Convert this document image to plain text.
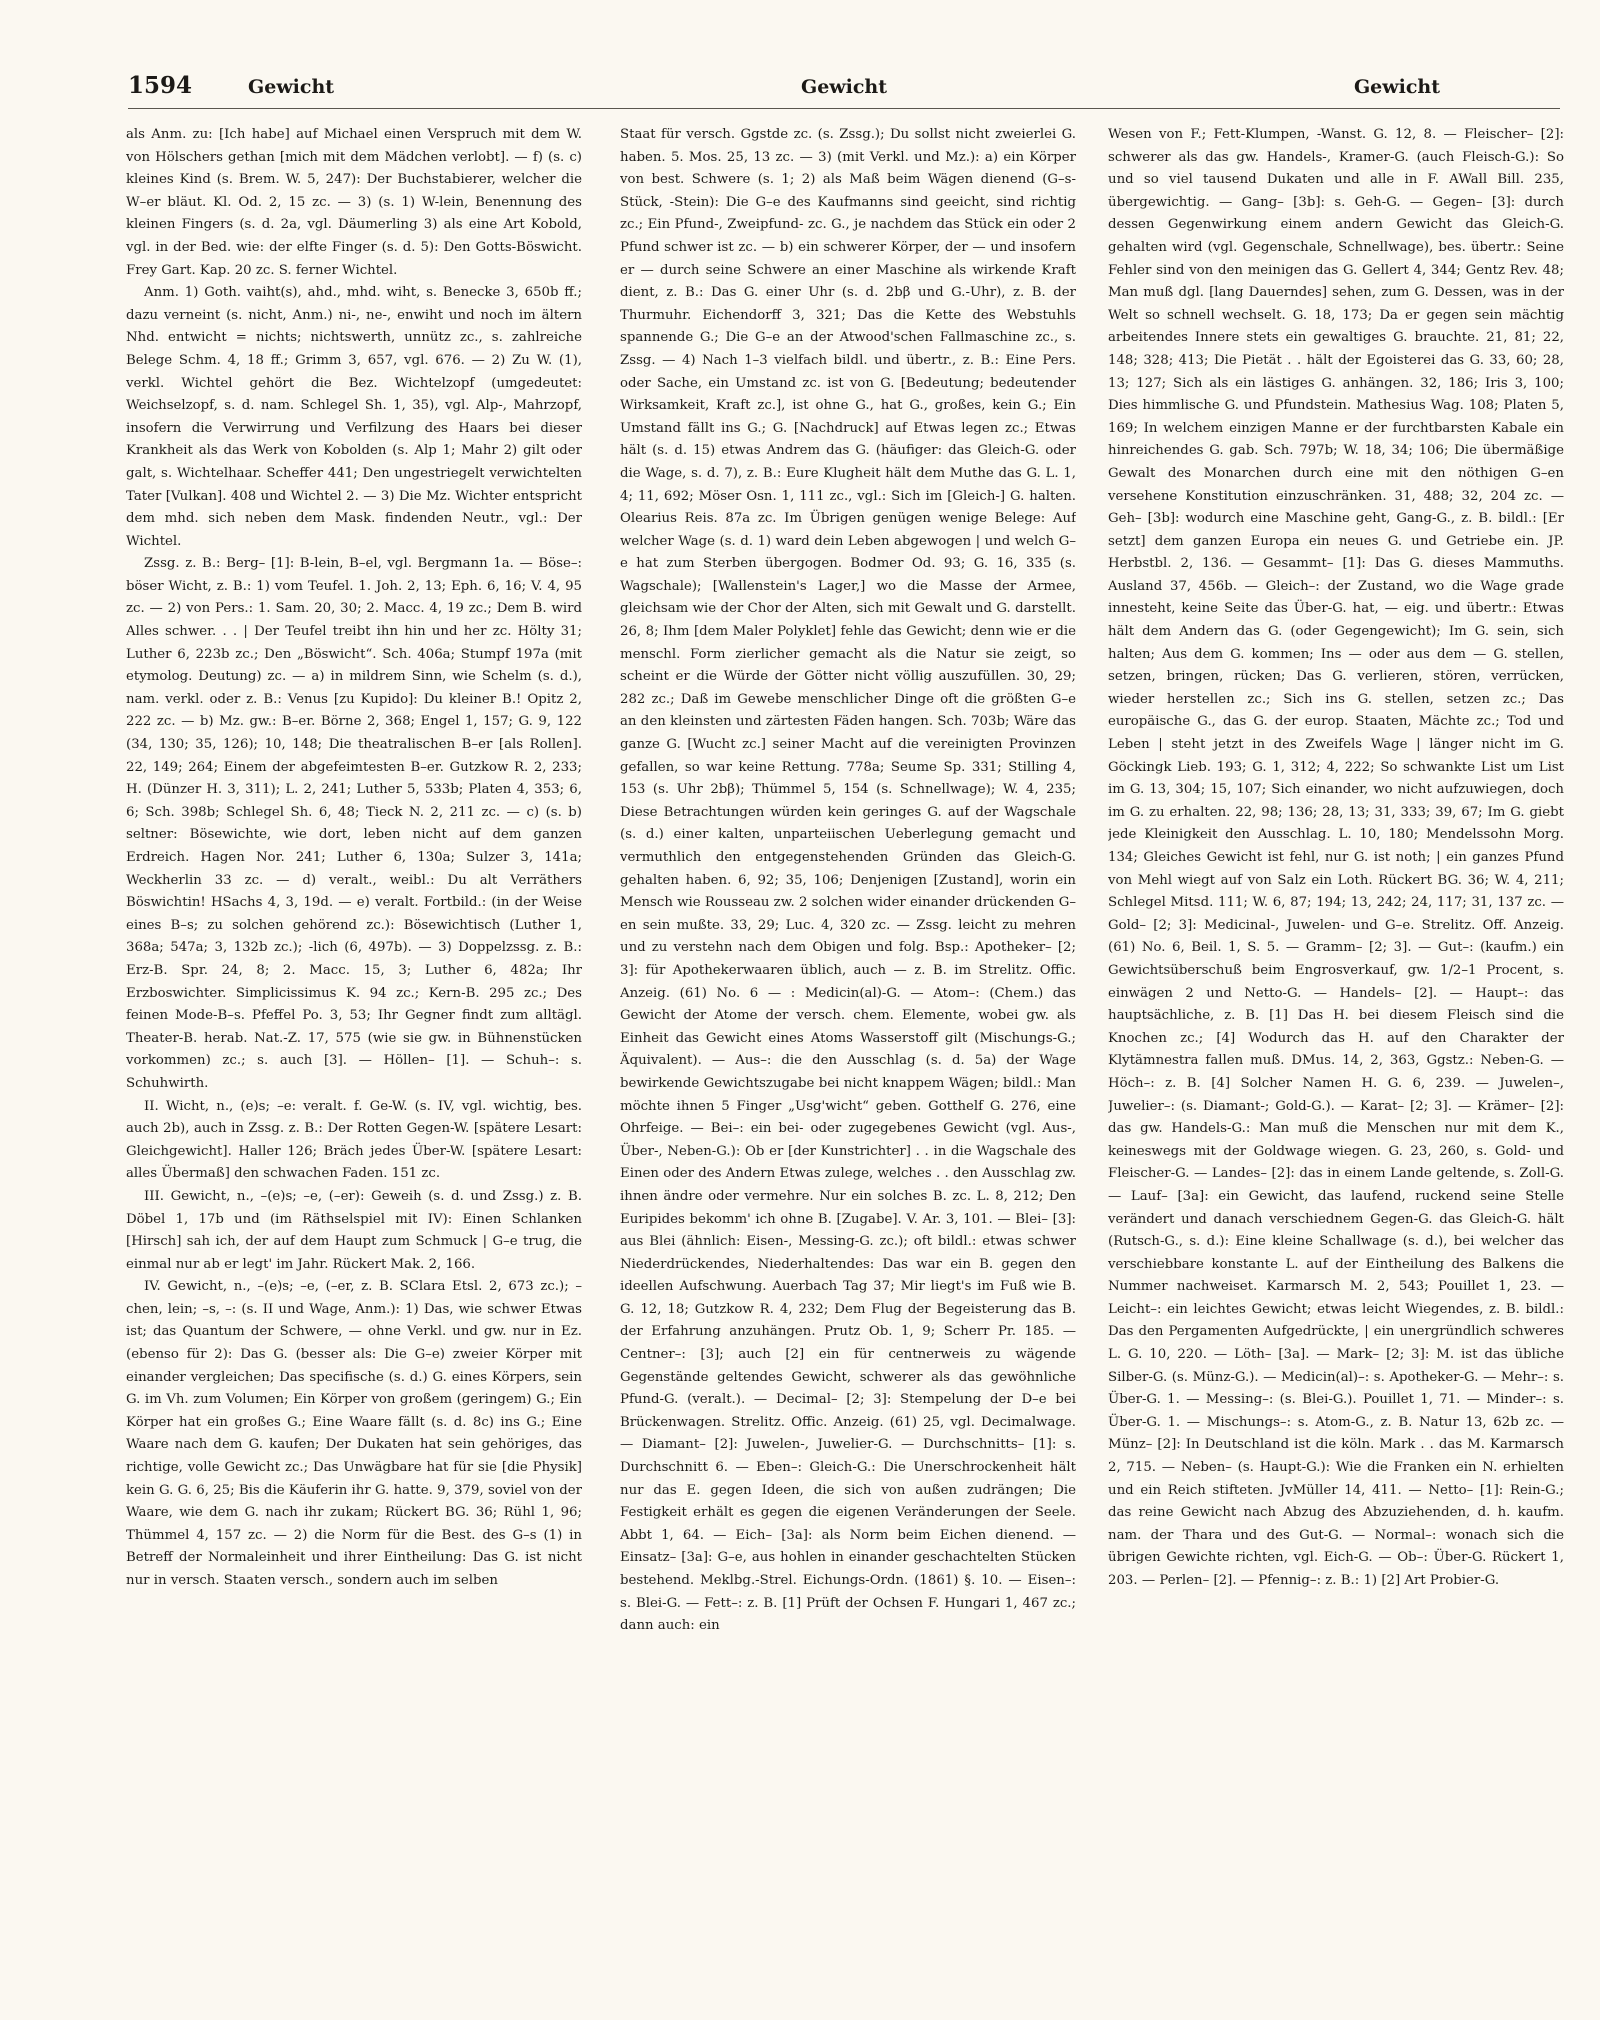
1594	Gewicht	Gewicht	Gewicht

als Anm. zu: [Ich habe] auf Michael einen Verspruch mit dem W. von Hölschers gethan [mich mit dem Mädchen verlobt]. — f) (s. c) kleines Kind (s. Brem. W. 5, 247): Der Buchstabierer, welcher die W–er bläut. Kl. Od. 2, 15 zc. — 3) (s. 1) W-lein, Benennung des kleinen Fingers (s. d. 2a, vgl. Däumerling 3) als eine Art Kobold, vgl. in der Bed. wie: der elfte Finger (s. d. 5): Den Gotts-Böswicht. Frey Gart. Kap. 20 zc. S. ferner Wichtel.

Anm. 1) Goth. vaiht(s), ahd., mhd. wiht, s. Benecke 3, 650b ff.; dazu verneint (s. nicht, Anm.) ni-, ne-, enwiht und noch im ältern Nhd. entwicht = nichts; nichtswerth, unnütz zc., s. zahlreiche Belege Schm. 4, 18 ff.; Grimm 3, 657, vgl. 676. — 2) Zu W. (1), verkl. Wichtel gehört die Bez. Wichtelzopf (umgedeutet: Weichselzopf, s. d. nam. Schlegel Sh. 1, 35), vgl. Alp-, Mahrzopf, insofern die Verwirrung und Verfilzung des Haars bei dieser Krankheit als das Werk von Kobolden (s. Alp 1; Mahr 2) gilt oder galt, s. Wichtelhaar. Scheffer 441; Den ungestriegelt verwichtelten Tater [Vulkan]. 408 und Wichtel 2. — 3) Die Mz. Wichter entspricht dem mhd. sich neben dem Mask. findenden Neutr., vgl.: Der Wichtel.

Zssg. z. B.: Berg– [1]: B-lein, B–el, vgl. Bergmann 1a. — Böse–: böser Wicht, z. B.: 1) vom Teufel. 1. Joh. 2, 13; Eph. 6, 16; V. 4, 95 zc. — 2) von Pers.: 1. Sam. 20, 30; 2. Macc. 4, 19 zc.; Dem B. wird Alles schwer. . . | Der Teufel treibt ihn hin und her zc. Hölty 31; Luther 6, 223b zc.; Den „Böswicht“. Sch. 406a; Stumpf 197a (mit etymolog. Deutung) zc. — a) in mildrem Sinn, wie Schelm (s. d.), nam. verkl. oder z. B.: Venus [zu Kupido]: Du kleiner B.! Opitz 2, 222 zc. — b) Mz. gw.: B–er. Börne 2, 368; Engel 1, 157; G. 9, 122 (34, 130; 35, 126); 10, 148; Die theatralischen B–er [als Rollen]. 22, 149; 264; Einem der abgefeimtesten B–er. Gutzkow R. 2, 233; H. (Dünzer H. 3, 311); L. 2, 241; Luther 5, 533b; Platen 4, 353; 6, 6; Sch. 398b; Schlegel Sh. 6, 48; Tieck N. 2, 211 zc. — c) (s. b) seltner: Bösewichte, wie dort, leben nicht auf dem ganzen Erdreich. Hagen Nor. 241; Luther 6, 130a; Sulzer 3, 141a; Weckherlin 33 zc. — d) veralt., weibl.: Du alt Verräthers Böswichtin! HSachs 4, 3, 19d. — e) veralt. Fortbild.: (in der Weise eines B–s; zu solchen gehörend zc.): Bösewichtisch (Luther 1, 368a; 547a; 3, 132b zc.); -lich (6, 497b). — 3) Doppelzssg. z. B.: Erz-B. Spr. 24, 8; 2. Macc. 15, 3; Luther 6, 482a; Ihr Erzboswichter. Simplicissimus K. 94 zc.; Kern-B. 295 zc.; Des feinen Mode-B–s. Pfeffel Po. 3, 53; Ihr Gegner findt zum alltägl. Theater-B. herab. Nat.-Z. 17, 575 (wie sie gw. in Bühnenstücken vorkommen) zc.; s. auch [3]. — Höllen– [1]. — Schuh–: s. Schuhwirth.

II. Wicht, n., (e)s; –e: veralt. f. Ge-W. (s. IV, vgl. wichtig, bes. auch 2b), auch in Zssg. z. B.: Der Rotten Gegen-W. [spätere Lesart: Gleichgewicht]. Haller 126; Bräch jedes Über-W. [spätere Lesart: alles Übermaß] den schwachen Faden. 151 zc.

III. Gewicht, n., –(e)s; –e, (–er): Geweih (s. d. und Zssg.) z. B. Döbel 1, 17b und (im Räthselspiel mit IV): Einen Schlanken [Hirsch] sah ich, der auf dem Haupt zum Schmuck | G–e trug, die einmal nur ab er legt' im Jahr. Rückert Mak. 2, 166.

IV. Gewicht, n., –(e)s; –e, (–er, z. B. SClara Etsl. 2, 673 zc.); –chen, lein; –s, –: (s. II und Wage, Anm.): 1) Das, wie schwer Etwas ist; das Quantum der Schwere, — ohne Verkl. und gw. nur in Ez. (ebenso für 2): Das G. (besser als: Die G–e) zweier Körper mit einander vergleichen; Das specifische (s. d.) G. eines Körpers, sein G. im Vh. zum Volumen; Ein Körper von großem (geringem) G.; Ein Körper hat ein großes G.; Eine Waare fällt (s. d. 8c) ins G.; Eine Waare nach dem G. kaufen; Der Dukaten hat sein gehöriges, das richtige, volle Gewicht zc.; Das Unwägbare hat für sie [die Physik] kein G. G. 6, 25; Bis die Käuferin ihr G. hatte. 9, 379, soviel von der Waare, wie dem G. nach ihr zukam; Rückert BG. 36; Rühl 1, 96; Thümmel 4, 157 zc. — 2) die Norm für die Best. des G–s (1) in Betreff der Normaleinheit und ihrer Eintheilung: Das G. ist nicht nur in versch. Staaten versch., sondern auch im selben

Staat für versch. Ggstde zc. (s. Zssg.); Du sollst nicht zweierlei G. haben. 5. Mos. 25, 13 zc. — 3) (mit Verkl. und Mz.): a) ein Körper von best. Schwere (s. 1; 2) als Maß beim Wägen dienend (G–s-Stück, -Stein): Die G–e des Kaufmanns sind geeicht, sind richtig zc.; Ein Pfund-, Zweipfund- zc. G., je nachdem das Stück ein oder 2 Pfund schwer ist zc. — b) ein schwerer Körper, der — und insofern er — durch seine Schwere an einer Maschine als wirkende Kraft dient, z. B.: Das G. einer Uhr (s. d. 2bβ und G.-Uhr), z. B. der Thurmuhr. Eichendorff 3, 321; Das die Kette des Webstuhls spannende G.; Die G–e an der Atwood'schen Fallmaschine zc., s. Zssg. — 4) Nach 1–3 vielfach bildl. und übertr., z. B.: Eine Pers. oder Sache, ein Umstand zc. ist von G. [Bedeutung; bedeutender Wirksamkeit, Kraft zc.], ist ohne G., hat G., großes, kein G.; Ein Umstand fällt ins G.; G. [Nachdruck] auf Etwas legen zc.; Etwas hält (s. d. 15) etwas Andrem das G. (häufiger: das Gleich-G. oder die Wage, s. d. 7), z. B.: Eure Klugheit hält dem Muthe das G. L. 1, 4; 11, 692; Möser Osn. 1, 111 zc., vgl.: Sich im [Gleich-] G. halten. Olearius Reis. 87a zc. Im Übrigen genügen wenige Belege: Auf welcher Wage (s. d. 1) ward dein Leben abgewogen | und welch G–e hat zum Sterben übergogen. Bodmer Od. 93; G. 16, 335 (s. Wagschale); [Wallenstein's Lager,] wo die Masse der Armee, gleichsam wie der Chor der Alten, sich mit Gewalt und G. darstellt. 26, 8; Ihm [dem Maler Polyklet] fehle das Gewicht; denn wie er die menschl. Form zierlicher gemacht als die Natur sie zeigt, so scheint er die Würde der Götter nicht völlig auszufüllen. 30, 29; 282 zc.; Daß im Gewebe menschlicher Dinge oft die größten G–e an den kleinsten und zärtesten Fäden hangen. Sch. 703b; Wäre das ganze G. [Wucht zc.] seiner Macht auf die vereinigten Provinzen gefallen, so war keine Rettung. 778a; Seume Sp. 331; Stilling 4, 153 (s. Uhr 2bβ); Thümmel 5, 154 (s. Schnellwage); W. 4, 235; Diese Betrachtungen würden kein geringes G. auf der Wagschale (s. d.) einer kalten, unparteiischen Ueberlegung gemacht und vermuthlich den entgegenstehenden Gründen das Gleich-G. gehalten haben. 6, 92; 35, 106; Denjenigen [Zustand], worin ein Mensch wie Rousseau zw. 2 solchen wider einander drückenden G–en sein mußte. 33, 29; Luc. 4, 320 zc. — Zssg. leicht zu mehren und zu verstehn nach dem Obigen und folg. Bsp.: Apotheker– [2; 3]: für Apothekerwaaren üblich, auch — z. B. im Strelitz. Offic. Anzeig. (61) No. 6 — : Medicin(al)-G. — Atom–: (Chem.) das Gewicht der Atome der versch. chem. Elemente, wobei gw. als Einheit das Gewicht eines Atoms Wasserstoff gilt (Mischungs-G.; Äquivalent). — Aus–: die den Ausschlag (s. d. 5a) der Wage bewirkende Gewichtszugabe bei nicht knappem Wägen; bildl.: Man möchte ihnen 5 Finger „Usg'wicht“ geben. Gotthelf G. 276, eine Ohrfeige. — Bei–: ein bei- oder zugegebenes Gewicht (vgl. Aus-, Über-, Neben-G.): Ob er [der Kunstrichter] . . in die Wagschale des Einen oder des Andern Etwas zulege, welches . . den Ausschlag zw. ihnen ändre oder vermehre. Nur ein solches B. zc. L. 8, 212; Den Euripides bekomm' ich ohne B. [Zugabe]. V. Ar. 3, 101. — Blei– [3]: aus Blei (ähnlich: Eisen-, Messing-G. zc.); oft bildl.: etwas schwer Niederdrückendes, Niederhaltendes: Das war ein B. gegen den ideellen Aufschwung. Auerbach Tag 37; Mir liegt's im Fuß wie B. G. 12, 18; Gutzkow R. 4, 232; Dem Flug der Begeisterung das B. der Erfahrung anzuhängen. Prutz Ob. 1, 9; Scherr Pr. 185. — Centner–: [3]; auch [2] ein für centnerweis zu wägende Gegenstände geltendes Gewicht, schwerer als das gewöhnliche Pfund-G. (veralt.). — Decimal– [2; 3]: Stempelung der D–e bei Brückenwagen. Strelitz. Offic. Anzeig. (61) 25, vgl. Decimalwage. — Diamant– [2]: Juwelen-, Juwelier-G. — Durchschnitts– [1]: s. Durchschnitt 6. — Eben–: Gleich-G.: Die Unerschrockenheit hält nur das E. gegen Ideen, die sich von außen zudrängen; Die Festigkeit erhält es gegen die eigenen Veränderungen der Seele. Abbt 1, 64. — Eich– [3a]: als Norm beim Eichen dienend. — Einsatz– [3a]: G–e, aus hohlen in einander geschachtelten Stücken bestehend. Meklbg.-Strel. Eichungs-Ordn. (1861) §. 10. — Eisen–: s. Blei-G. — Fett–: z. B. [1] Prüft der Ochsen F. Hungari 1, 467 zc.; dann auch: ein

Wesen von F.; Fett-Klumpen, -Wanst. G. 12, 8. — Fleischer– [2]: schwerer als das gw. Handels-, Kramer-G. (auch Fleisch-G.): So und so viel tausend Dukaten und alle in F. AWall Bill. 235, übergewichtig. — Gang– [3b]: s. Geh-G. — Gegen– [3]: durch dessen Gegenwirkung einem andern Gewicht das Gleich-G. gehalten wird (vgl. Gegenschale, Schnellwage), bes. übertr.: Seine Fehler sind von den meinigen das G. Gellert 4, 344; Gentz Rev. 48; Man muß dgl. [lang Dauerndes] sehen, zum G. Dessen, was in der Welt so schnell wechselt. G. 18, 173; Da er gegen sein mächtig arbeitendes Innere stets ein gewaltiges G. brauchte. 21, 81; 22, 148; 328; 413; Die Pietät . . hält der Egoisterei das G. 33, 60; 28, 13; 127; Sich als ein lästiges G. anhängen. 32, 186; Iris 3, 100; Dies himmlische G. und Pfundstein. Mathesius Wag. 108; Platen 5, 169; In welchem einzigen Manne er der furchtbarsten Kabale ein hinreichendes G. gab. Sch. 797b; W. 18, 34; 106; Die übermäßige Gewalt des Monarchen durch eine mit den nöthigen G–en versehene Konstitution einzuschränken. 31, 488; 32, 204 zc. — Geh– [3b]: wodurch eine Maschine geht, Gang-G., z. B. bildl.: [Er setzt] dem ganzen Europa ein neues G. und Getriebe ein. JP. Herbstbl. 2, 136. — Gesammt– [1]: Das G. dieses Mammuths. Ausland 37, 456b. — Gleich–: der Zustand, wo die Wage grade innesteht, keine Seite das Über-G. hat, — eig. und übertr.: Etwas hält dem Andern das G. (oder Gegengewicht); Im G. sein, sich halten; Aus dem G. kommen; Ins — oder aus dem — G. stellen, setzen, bringen, rücken; Das G. verlieren, stören, verrücken, wieder herstellen zc.; Sich ins G. stellen, setzen zc.; Das europäische G., das G. der europ. Staaten, Mächte zc.; Tod und Leben | steht jetzt in des Zweifels Wage | länger nicht im G. Göckingk Lieb. 193; G. 1, 312; 4, 222; So schwankte List um List im G. 13, 304; 15, 107; Sich einander, wo nicht aufzuwiegen, doch im G. zu erhalten. 22, 98; 136; 28, 13; 31, 333; 39, 67; Im G. giebt jede Kleinigkeit den Ausschlag. L. 10, 180; Mendelssohn Morg. 134; Gleiches Gewicht ist fehl, nur G. ist noth; | ein ganzes Pfund von Mehl wiegt auf von Salz ein Loth. Rückert BG. 36; W. 4, 211; Schlegel Mitsd. 111; W. 6, 87; 194; 13, 242; 24, 117; 31, 137 zc. — Gold– [2; 3]: Medicinal-, Juwelen- und G–e. Strelitz. Off. Anzeig. (61) No. 6, Beil. 1, S. 5. — Gramm– [2; 3]. — Gut–: (kaufm.) ein Gewichtsüberschuß beim Engrosverkauf, gw. 1/2–1 Procent, s. einwägen 2 und Netto-G. — Handels– [2]. — Haupt–: das hauptsächliche, z. B. [1] Das H. bei diesem Fleisch sind die Knochen zc.; [4] Wodurch das H. auf den Charakter der Klytämnestra fallen muß. DMus. 14, 2, 363, Ggstz.: Neben-G. — Höch–: z. B. [4] Solcher Namen H. G. 6, 239. — Juwelen–, Juwelier–: (s. Diamant-; Gold-G.). — Karat– [2; 3]. — Krämer– [2]: das gw. Handels-G.: Man muß die Menschen nur mit dem K., keineswegs mit der Goldwage wiegen. G. 23, 260, s. Gold- und Fleischer-G. — Landes– [2]: das in einem Lande geltende, s. Zoll-G. — Lauf– [3a]: ein Gewicht, das laufend, ruckend seine Stelle verändert und danach verschiednem Gegen-G. das Gleich-G. hält (Rutsch-G., s. d.): Eine kleine Schallwage (s. d.), bei welcher das verschiebbare konstante L. auf der Eintheilung des Balkens die Nummer nachweiset. Karmarsch M. 2, 543; Pouillet 1, 23. — Leicht–: ein leichtes Gewicht; etwas leicht Wiegendes, z. B. bildl.: Das den Pergamenten Aufgedrückte, | ein unergründlich schweres L. G. 10, 220. — Löth– [3a]. — Mark– [2; 3]: M. ist das übliche Silber-G. (s. Münz-G.). — Medicin(al)–: s. Apotheker-G. — Mehr–: s. Über-G. 1. — Messing–: (s. Blei-G.). Pouillet 1, 71. — Minder–: s. Über-G. 1. — Mischungs–: s. Atom-G., z. B. Natur 13, 62b zc. — Münz– [2]: In Deutschland ist die köln. Mark . . das M. Karmarsch 2, 715. — Neben– (s. Haupt-G.): Wie die Franken ein N. erhielten und ein Reich stifteten. JvMüller 14, 411. — Netto– [1]: Rein-G.; das reine Gewicht nach Abzug des Abzuziehenden, d. h. kaufm. nam. der Thara und des Gut-G. — Normal–: wonach sich die übrigen Gewichte richten, vgl. Eich-G. — Ob–: Über-G. Rückert 1, 203. — Perlen– [2]. — Pfennig–: z. B.: 1) [2] Art Probier-G.
